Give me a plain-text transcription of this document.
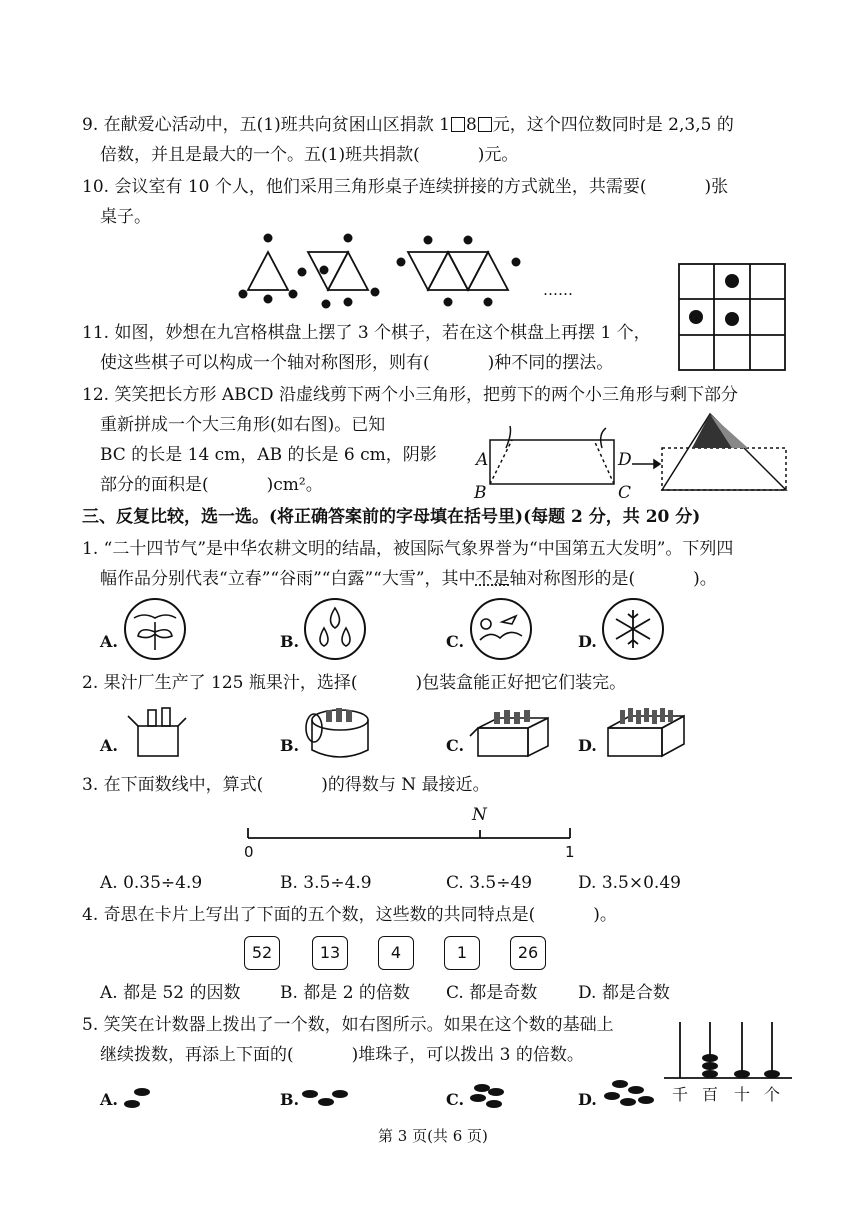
9. 在献爱心活动中，五(1)班共向贫困山区捐款 1 8 元，这个四位数同时是 2,3,5 的
倍数，并且是最大的一个。五(1)班共捐款(	)元。
10. 会议室有 10 个人，他们采用三角形桌子连续拼接的方式就坐，共需要(	)张
桌子。
……
11. 如图，妙想在九宫格棋盘上摆了 3 个棋子，若在这个棋盘上再摆 1 个，
使这些棋子可以构成一个轴对称图形，则有(	)种不同的摆法。
12. 笑笑把长方形 ABCD 沿虚线剪下两个小三角形，把剪下的两个小三角形与剩下部分
重新拼成一个大三角形(如右图)。已知
BC 的长是 14 cm，AB 的长是 6 cm，阴影
部分的面积是(	)cm²。
A
B	C
D
三、反复比较，选一选。(将正确答案前的字母填在括号里)(每题 2 分，共 20 分)
1. “二十四节气”是中华农耕文明的结晶，被国际气象界誉为“中国第五大发明”。下列四
幅作品分别代表“立春”“谷雨”“白露”“大雪”，其中不是轴对称图形的是(	)。
A.	B.	C.	D.
2. 果汁厂生产了 125 瓶果汁，选择(	)包装盒能正好把它们装完。
A.	B.	C.	D.
3. 在下面数线中，算式(	)的得数与 N 最接近。
N
0	1
A. 0.35÷4.9	B. 3.5÷4.9	C. 3.5÷49	D. 3.5×0.49
4. 奇思在卡片上写出了下面的五个数，这些数的共同特点是(	)。
52	13	4	1	26
A. 都是 52 的因数 B. 都是 2 的倍数 C. 都是奇数 D. 都是合数
5. 笑笑在计数器上拨出了一个数，如右图所示。如果在这个数的基础上
继续拨数，再添上下面的(	)堆珠子，可以拨出 3 的倍数。
千 百 十 个
A.	B.	C.	D.
第 3 页(共 6 页)
